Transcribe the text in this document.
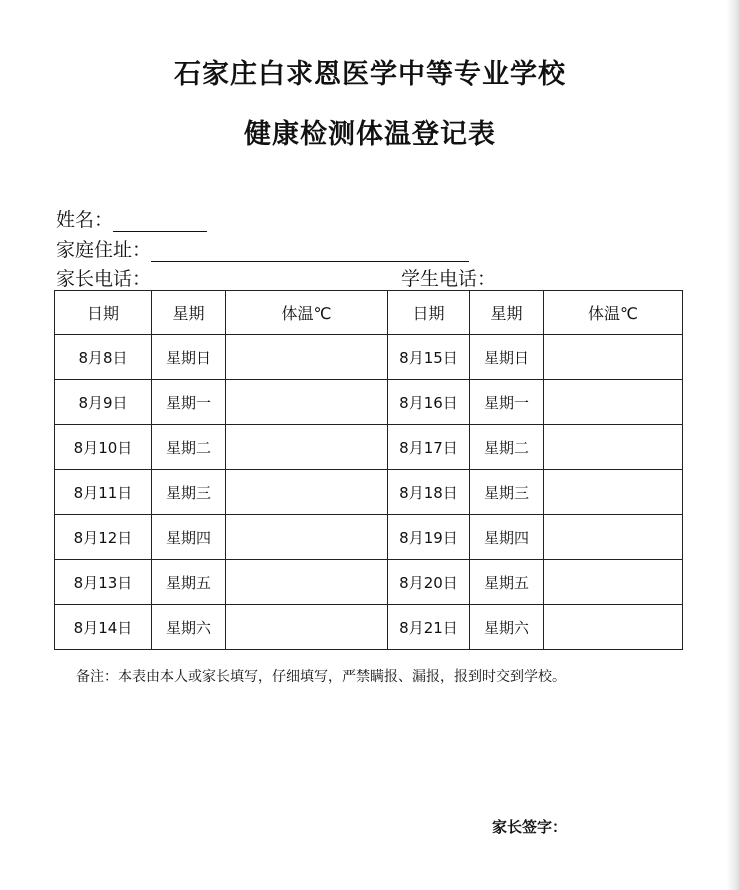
石家庄白求恩医学中等专业学校
健康检测体温登记表
姓名：
家庭住址：
家长电话：	学生电话：
日期	星期	体温℃	日期	星期	体温℃
8月8日	星期日		8月15日	星期日	
8月9日	星期一		8月16日	星期一	
8月10日	星期二		8月17日	星期二	
8月11日	星期三		8月18日	星期三	
8月12日	星期四		8月19日	星期四	
8月13日	星期五		8月20日	星期五	
8月14日	星期六		8月21日	星期六	
备注：本表由本人或家长填写，仔细填写，严禁瞒报、漏报，报到时交到学校。
家长签字：
